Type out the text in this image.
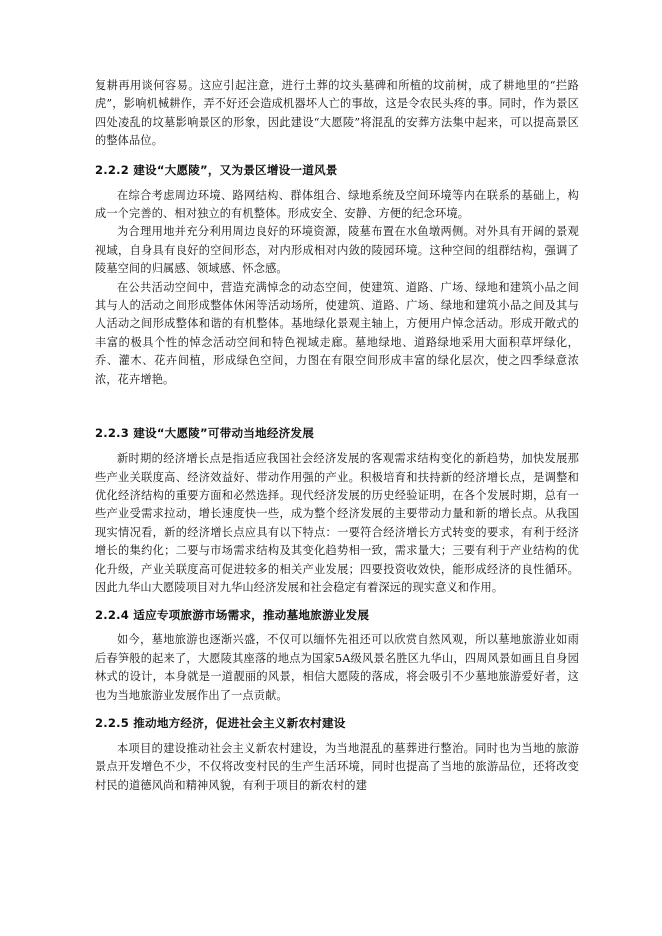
复耕再用谈何容易。这应引起注意，进行土葬的坟头墓碑和所植的坟前树，成了耕地里的“拦路虎”，影响机械耕作，弄不好还会造成机器坏人亡的事故，这是令农民头疼的事。同时，作为景区四处凌乱的坟墓影响景区的形象，因此建设“大愿陵”将混乱的安葬方法集中起来，可以提高景区的整体品位。

2.2.2 建设“大愿陵”，又为景区增设一道风景

在综合考虑周边环境、路网结构、群体组合、绿地系统及空间环境等内在联系的基础上，构成一个完善的、相对独立的有机整体。形成安全、安静、方便的纪念环境。

为合理用地并充分利用周边良好的环境资源，陵墓布置在水鱼墩两侧。对外具有开阔的景观视域，自身具有良好的空间形态，对内形成相对内敛的陵园环境。这种空间的组群结构，强调了陵墓空间的归属感、领域感、怀念感。

在公共活动空间中，营造充满悼念的动态空间，使建筑、道路、广场、绿地和建筑小品之间其与人的活动之间形成整体休闲等活动场所，使建筑、道路、广场、绿地和建筑小品之间及其与人活动之间形成整体和谐的有机整体。基地绿化景观主轴上，方便用户悼念活动。形成开敞式的丰富的极具个性的悼念活动空间和特色视域走廊。墓地绿地、道路绿地采用大面积草坪绿化，乔、灌木、花卉间植，形成绿色空间，力图在有限空间形成丰富的绿化层次，使之四季绿意浓浓，花卉增艳。

2.2.3 建设“大愿陵”可带动当地经济发展

新时期的经济增长点是指适应我国社会经济发展的客观需求结构变化的新趋势，加快发展那些产业关联度高、经济效益好、带动作用强的产业。积极培育和扶持新的经济增长点，是调整和优化经济结构的重要方面和必然选择。现代经济发展的历史经验证明，在各个发展时期，总有一些产业受需求拉动，增长速度快一些，成为整个经济发展的主要带动力量和新的增长点。从我国现实情况看，新的经济增长点应具有以下特点：一要符合经济增长方式转变的要求，有利于经济增长的集约化；二要与市场需求结构及其变化趋势相一致，需求量大；三要有利于产业结构的优化升级，产业关联度高可促进较多的相关产业发展；四要投资收效快，能形成经济的良性循环。因此九华山大愿陵项目对九华山经济发展和社会稳定有着深远的现实意义和作用。

2.2.4 适应专项旅游市场需求，推动墓地旅游业发展

如今，墓地旅游也逐渐兴盛，不仅可以缅怀先祖还可以欣赏自然风观，所以墓地旅游业如雨后春笋般的起来了，大愿陵其座落的地点为国家5A级风景名胜区九华山，四周风景如画且自身园林式的设计，本身就是一道靓丽的风景，相信大愿陵的落成，将会吸引不少墓地旅游爱好者，这也为当地旅游业发展作出了一点贡献。

2.2.5 推动地方经济，促进社会主义新农村建设

本项目的建设推动社会主义新农村建设，为当地混乱的墓葬进行整治。同时也为当地的旅游景点开发增色不少，不仅将改变村民的生产生活环境，同时也提高了当地的旅游品位，还将改变村民的道德风尚和精神风貌，有利于项目的新农村的建
